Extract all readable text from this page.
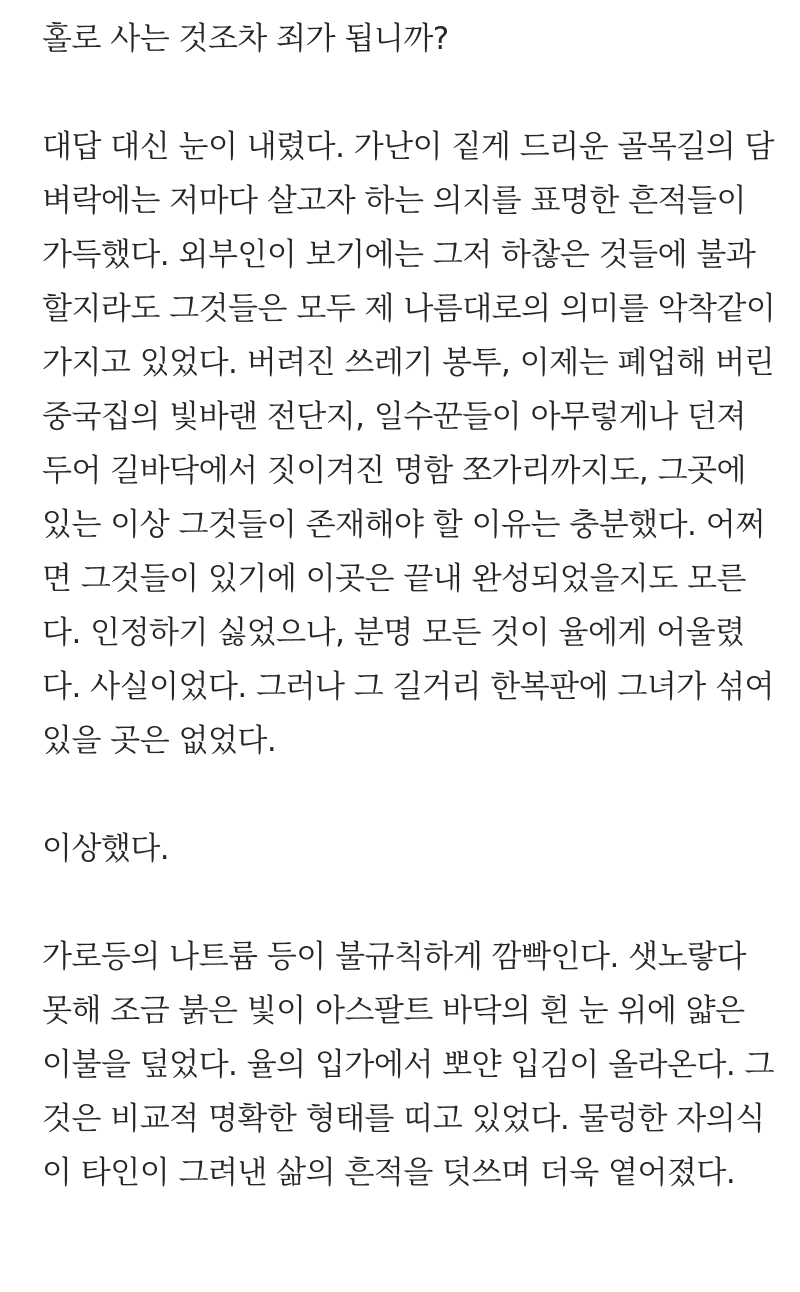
홀로 사는 것조차 죄가 됩니까?

대답 대신 눈이 내렸다. 가난이 짙게 드리운 골목길의 담
벼락에는 저마다 살고자 하는 의지를 표명한 흔적들이
가득했다. 외부인이 보기에는 그저 하찮은 것들에 불과
할지라도 그것들은 모두 제 나름대로의 의미를 악착같이
가지고 있었다. 버려진 쓰레기 봉투, 이제는 폐업해 버린
중국집의 빛바랜 전단지, 일수꾼들이 아무렇게나 던져
두어 길바닥에서 짓이겨진 명함 쪼가리까지도, 그곳에
있는 이상 그것들이 존재해야 할 이유는 충분했다. 어쩌
면 그것들이 있기에 이곳은 끝내 완성되었을지도 모른
다. 인정하기 싫었으나, 분명 모든 것이 율에게 어울렸
다. 사실이었다. 그러나 그 길거리 한복판에 그녀가 섞여
있을 곳은 없었다.

이상했다.

가로등의 나트륨 등이 불규칙하게 깜빡인다. 샛노랗다
못해 조금 붉은 빛이 아스팔트 바닥의 흰 눈 위에 얇은
이불을 덮었다. 율의 입가에서 뽀얀 입김이 올라온다. 그
것은 비교적 명확한 형태를 띠고 있었다. 물렁한 자의식
이 타인이 그려낸 삶의 흔적을 덧쓰며 더욱 옅어졌다.
